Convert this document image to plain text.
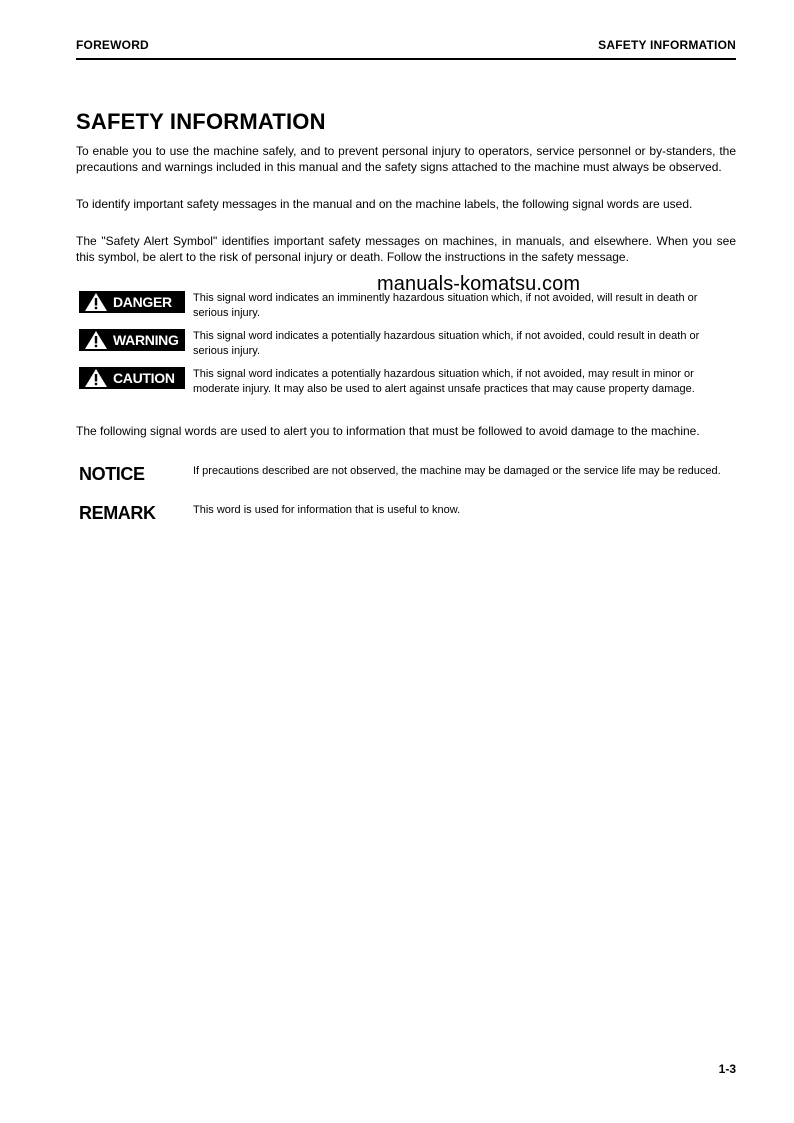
FOREWORD	SAFETY INFORMATION
SAFETY INFORMATION

To enable you to use the machine safely, and to prevent personal injury to operators, service personnel or by-standers, the precautions and warnings included in this manual and the safety signs attached to the machine must always be observed.

To identify important safety messages in the manual and on the machine labels, the following signal words are used.

The "Safety Alert Symbol" identifies important safety messages on machines, in manuals, and elsewhere. When you see this symbol, be alert to the risk of personal injury or death. Follow the instructions in the safety message.

manuals-komatsu.com
DANGER This signal word indicates an imminently hazardous situation which, if not avoided, will result in death or serious injury.

WARNING This signal word indicates a potentially hazardous situation which, if not avoided, could result in death or serious injury.

CAUTION This signal word indicates a potentially hazardous situation which, if not avoided, may result in minor or moderate injury. It may also be used to alert against unsafe practices that may cause property damage.

The following signal words are used to alert you to information that must be followed to avoid damage to the machine.

NOTICE	If precautions described are not observed, the machine may be damaged or the service life may be reduced.

REMARK	This word is used for information that is useful to know.

1-3
